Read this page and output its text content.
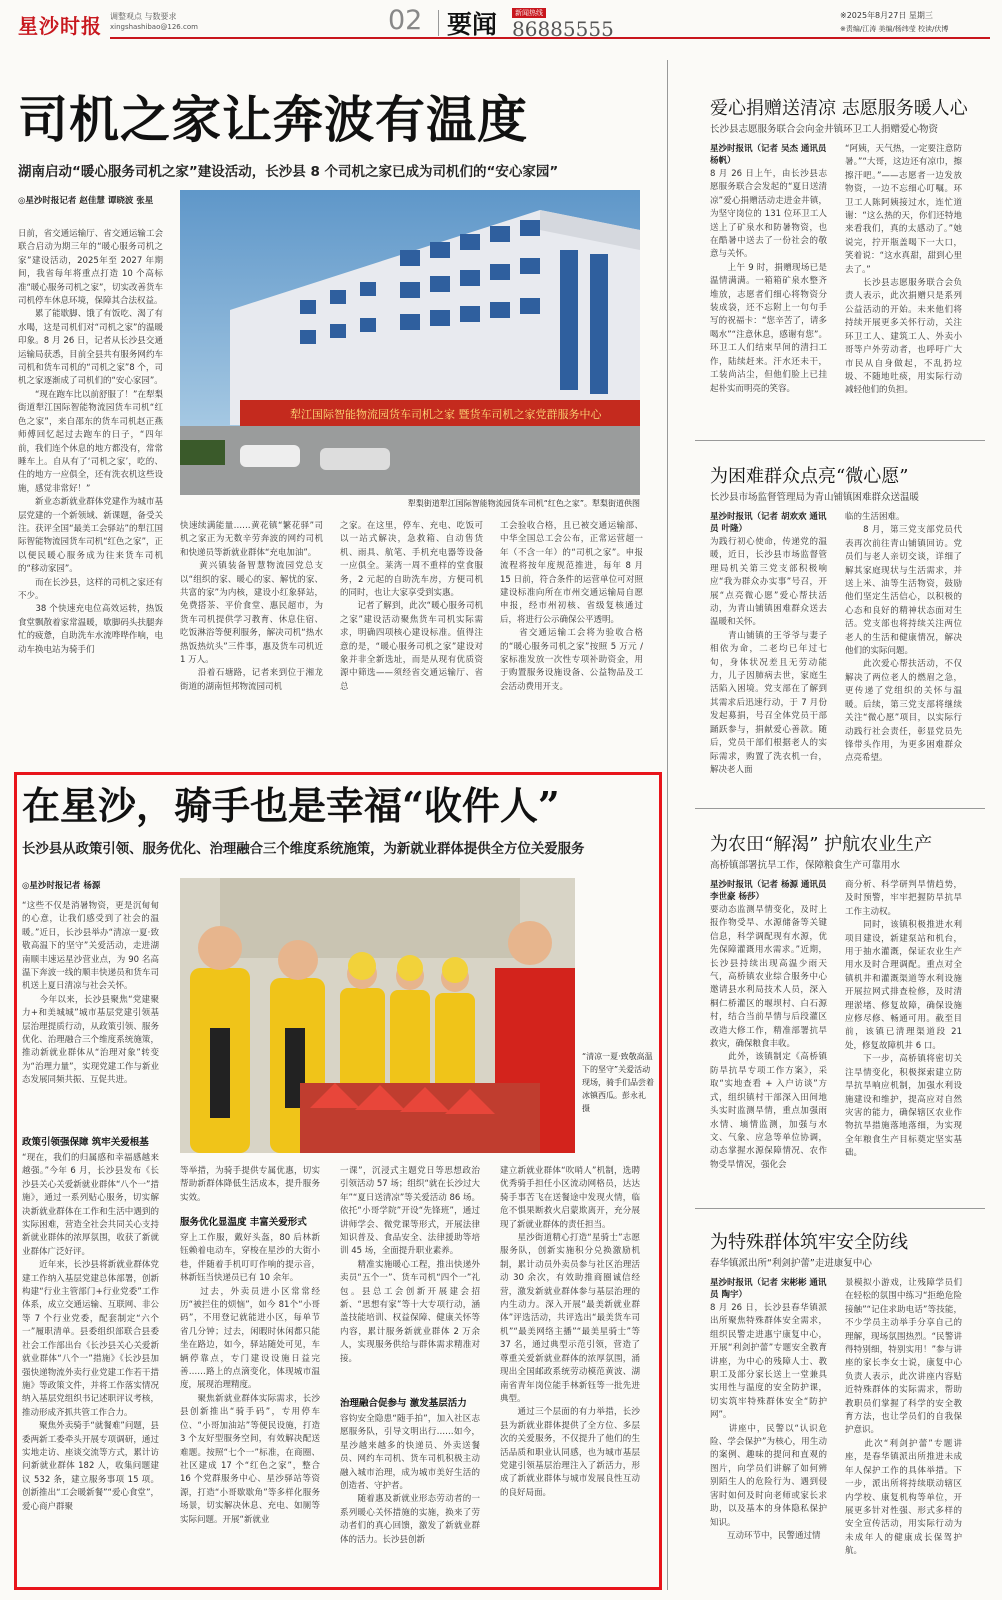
星沙时报 调整观点 与数要求
xingshashibao@126.com	02 要闻	新闻热线
86885555
※2025年8月27日 星期三
※责编/江涛 美编/杨纬莹 校读/伏博
司机之家让奔波有温度
湖南启动“暖心服务司机之家”建设活动，长沙县 8 个司机之家已成为司机们的“安心家园”
◎星沙时报记者 赵佳慧 谭晓波 张星

日前，省交通运输厅、省交通运输工会联合启动为期三年的“暖心服务司机之家”建设活动，2025年至 2027 年期间，我省每年将重点打造 10 个高标准“暖心服务司机之家”，切实改善货车司机停车休息环境，保障其合法权益。
　　累了能歇脚、饿了有饭吃、渴了有水喝，这是司机们对“司机之家”的温暖印象。8 月 26 日，记者从长沙县交通运输局获悉，目前全县共有服务网约车司机和货车司机的“司机之家”8 个，司机之家逐渐成了司机们的“安心家园”。
　　“现在跑车比以前舒服了！”在犁梨街道犁江国际智能物流园货车司机“红色之家”，来自邵东的货车司机赵正燕师傅回忆起过去跑车的日子，“四年前，我们连个休息的地方都没有，常常睡车上。自从有了‘司机之家’，吃的、住的地方一应俱全，还有洗衣机这些设施，感觉非常好！”
　　新业态新就业群体党建作为城市基层党建的一个新领域、新课题，备受关注。获评全国“最美工会驿站”的犁江国际智能物流园货车司机“红色之家”，正以便民暖心服务成为往来货车司机的“移动家园”。
　　而在长沙县，这样的司机之家还有不少。
　　38 个快速充电位高效运转，热饭食堂飘散着家常温暖，歇脚码头扶腿奔忙的疲惫，自助洗车水流哗哗作响，电动车换电站为骑手们

犁江国际智能物流园货车司机之家 暨货车司机之家党群服务中心
犁梨街道犁江国际智能物流园货车司机“红色之家”。犁梨街道供图

快速续满能量……黄花镇“繁花驿”司机之家正为无数辛劳奔波的网约司机和快递员等新就业群体“充电加油”。
　　黄兴镇装备智慧物流园党总支以“组织的家、暖心的家、解忧的家、共富的家”为内核，建设小红象驿站，免费搭茶、平价食堂、惠民超市，为货车司机提供学习教育、休息住宿、吃饭淋浴等便利服务，解决司机“热水热饭热炕头”三件事，惠及货车司机近 1 万人。
　　沿着石塘路，记者来到位于湘龙街道的湖南恒邦物流园司机

之家。在这里，停车、充电、吃饭可以一站式解决，急救箱、自动售货机、雨具、航笔、手机充电器等设备一应俱全。莱湾一周不重样的堂食服务，2 元起的自助洗车房，方便司机的同时，也让大家享受到实惠。
　　记者了解到，此次“暖心服务司机之家”建设活动聚焦货车司机实际需求，明确四项核心建设标准。值得注意的是，“暖心服务司机之家”建设对象并非全新选址，而是从现有优质资源中筛选——须经省交通运输厅、省总

工会验收合格，且已被交通运输部、中华全国总工会公布，正常运营超一年（不含一年）的“司机之家”。申报流程将按年度规范推进，每年 8 月 15 日前，符合条件的运营单位可对照建设标准向所在市州交通运输局自愿申报，经市州初核、省级复核通过后，将进行公示确保公平透明。
　　省交通运输工会将为验收合格的“暖心服务司机之家”按照 5 万元 / 家标准发放一次性专项补助资金，用于购置服务设施设备、公益物品及工会活动费用开支。

在星沙，骑手也是幸福“收件人”
长沙县从政策引领、服务优化、治理融合三个维度系统施策，为新就业群体提供全方位关爱服务
◎星沙时报记者 杨源

“这些不仅是消暑物资，更是沉甸甸的心意，让我们感受到了社会的温暖。”近日，长沙县举办“清凉一夏·致敬高温下的坚守”关爱活动，走进湖南顺丰速运星沙营业点，为 90 名高温下奔波一线的顺丰快递员和货车司机送上夏日清凉与社会关怀。
　　今年以来，长沙县聚焦“党建聚力+和美城城”城市基层党建引领基层治理提质行动，从政策引领、服务优化、治理融合三个维度系统施策，推动新就业群体从“治理对象”转变为“治理力量”，实现党建工作与新业态发展同频共振、互促共进。

政策引领强保障 筑牢关爱根基

“现在，我们的归属感和幸福感越来越强。”今年 6 月，长沙县发布《长沙县关心关爱新就业群体“八个一”措施》，通过一系列贴心服务，切实解决新就业群体在工作和生活中遇到的实际困难，营造全社会共同关心支持新就业群体的浓厚氛围，收获了新就业群体广泛好评。
　　近年来，长沙县将新就业群体党建工作纳入基层党建总体部署，创新构建“行业主管部门+行业党委”工作体系，成立交通运输、互联网、非公等 7 个行业党委，配套制定“六个一”履职清单。县委组织部联合县委社会工作部出台《长沙县关心关爱新就业群体“八个一”措施》《长沙县加强快递物流外卖行业党建工作若干措施》等政策文件，并将工作落实情况纳入基层党组织书记述职评议考核，推动形成齐抓共管工作合力。
　　聚焦外卖骑手“就餐难”问题，县委两新工委牵头开展专项调研，通过实地走访、座谈交流等方式，累计访问新就业群体 182 人，收集问题建议 532 条，建立服务事项 15 项。创新推出“工会暖新餐”“爱心食堂”，爱心商户群聚

“清凉一夏·致敬高温下的坚守”关爱活动现场，骑手们品尝着冰镇西瓜。彭永礼 摄

等举措，为骑手提供专属优惠，切实帮助新群体降低生活成本，提升服务实效。

服务优化显温度 丰富关爱形式

穿上工作服，戴好头盔，80 后林新钰赖着电动车，穿梭在星沙的大街小巷，伴随着手机叮叮作响的提示音，林新钰当快递员已有 10 余年。
　　过去，外卖员进小区常常经历“被拦住的烦恼”，如今 81个“小哥码”，不用登记就能进小区，每单节省几分钟；过去，闲暇时休闲都只能坐在路边，如今，驿站随处可见，车辆停靠点，专门建设设施日益完善……路上的点滴变化，体现城市温度，展现治理精度。
　　聚焦新就业群体实际需求，长沙县创新推出“骑手码”，专用停车位、“小哥加油站”等便民设施，打造 3 个友好型服务空间，有效解决配送难题。按照“七个一”标准，在商圈、社区建成 17 个“红色之家”，整合 16 个党群服务中心、星沙驿站等资源，打造“小哥歇歇角”等多样化服务场景，切实解决休息、充电、如厕等实际问题。开展“新就业

一课”，沉浸式主题党日等思想政治引领活动 57 场；组织“就在长沙过大年”“夏日送清凉”等关爱活动 86 场。依托“小哥学院”开设“先锋班”，通过讲师学会、微党课等形式，开展法律知识普及、食品安全、法律援助等培训 45 场，全面提升职业素养。
　　精准实施暖心工程，推出快递外卖员“五个一”、货车司机“四个一”礼包。县总工会创新开展建会招新、“思想有家”等十大专项行动，涵盖技能培训、权益保障、健康关怀等内容，累计服务新就业群体 2 万余人，实现服务供给与群体需求精准对接。

治理融合促参与 激发基层活力

容钧安全隐患“随手拍”，加入社区志愿服务队，引导文明出行……如今，星沙越来越多的快递员、外卖送餐员、网约车司机、货车司机积极主动融入城市治理，成为城市美好生活的创造者、守护者。
　　随着惠及新就业形态劳动者的一系列暖心关怀措施的实施，换来了劳动者们的真心回馈，激发了新就业群体的活力。长沙县创新

建立新就业群体“吹哨人”机制，选聘优秀骑手担任小区流动网格员，达达骑手事苦飞在送餐途中发现火情，临危不惧果断救火启蒙欺离开，充分展现了新就业群体的责任担当。
　　星沙街道精心打造“星骑士”志愿服务队，创新实施积分兑换激励机制，累计动员外卖员参与社区治理活动 30 余次，有效助推商圈诚信经营，激发新就业群体参与基层治理的内生动力。深入开展“最美新就业群体”评选活动，共评选出“最美货车司机”“最美网络主播”“最美星骑士”等 37 名，通过典型示范引领，营造了尊重关爱新就业群体的浓厚氛围，涌现出全国邮政系统劳动模范黄波、湖南省青年岗位能手林新钰等一批先进典型。
　　通过三个层面的有力举措，长沙县为新就业群体提供了全方位、多层次的关爱服务，不仅提升了他们的生活品质和职业认同感，也为城市基层党建引领基层治理注入了新活力，形成了新就业群体与城市发展良性互动的良好局面。

爱心捐赠送清凉 志愿服务暖人心
长沙县志愿服务联合会向金井镇环卫工人捐赠爱心物资
星沙时报讯（记者 吴杰 通讯员 杨帆）

8 月 26 日上午，由长沙县志愿服务联合会发起的“夏日送清凉”爱心捐赠活动走进金井镇，为坚守岗位的 131 位环卫工人送上了矿泉水和防暑物资，也在酷暑中送去了一份社会的敬意与关怀。
　　上午 9 时，捐赠现场已是温情满满。一箱箱矿泉水整齐堆放，志愿者们细心将物资分装成袋，还不忘附上一句句手写的祝福卡：“您辛苦了，请多喝水”“注意休息，感谢有您”。环卫工人们结束早间的清扫工作，陆续赶来。汗水还未干，工装尚沾尘，但他们脸上已挂起朴实而明亮的笑容。

“阿姨，天气热，一定要注意防暑。”“大哥，这边还有凉巾，擦擦汗吧。”——志愿者一边发放物资，一边不忘细心叮嘱。环卫工人陈阿姨接过水，连忙道谢：“这么热的天，你们还特地来看我们，真的太感动了。”她说完，拧开瓶盖喝下一大口，笑着说：“这水真甜，甜到心里去了。”
　　长沙县志愿服务联合会负责人表示，此次捐赠只是系列公益活动的开始。未来他们将持续开展更多关怀行动，关注环卫工人、建筑工人、外卖小哥等户外劳动者，也呼吁广大市民从自身做起，不乱扔垃圾、不随地吐痰，用实际行动减轻他们的负担。

为困难群众点亮“微心愿”
长沙县市场监督管理局为青山铺镇困难群众送温暖
星沙时报讯（记者 胡欢欢 通讯员 叶隆）

为践行初心使命，传递党的温暖，近日，长沙县市场监督管理局机关第三党支部积极响应“我为群众办实事”号召，开展“点亮微心愿”爱心帮扶活动，为青山铺镇困难群众送去温暖和关怀。
　　青山铺镇的王爷爷与妻子相依为命，二老均已年过七旬，身体状况差且无劳动能力，儿子因肺病去世，家庭生活陷入困境。党支部在了解到其需求后迅速行动，于 7 月份发起募捐，号召全体党员干部踊跃参与，捐献爱心善款。随后，党员干部们根据老人的实际需求，购置了洗衣机一台，解决老人面

临的生活困难。
　　8 月，第三党支部党员代表再次前往青山铺镇回访。党员们与老人亲切交谈，详细了解其家庭现状与生活需求，并送上米、油等生活物资，鼓励他们坚定生活信心，以积极的心态和良好的精神状态面对生活。党支部也将持续关注两位老人的生活和健康情况，解决他们的实际问题。
　　此次爱心帮扶活动，不仅解决了两位老人的燃眉之急，更传递了党组织的关怀与温暖。后续，第三党支部将继续关注“微心愿”项目，以实际行动践行社会责任，彰显党员先锋带头作用，为更多困难群众点亮希望。

为农田“解渴” 护航农业生产
高桥镇部署抗旱工作，保障粮食生产可靠用水
星沙时报讯（记者 杨源 通讯员 李世豪 杨莎）

要动态监测旱情变化，及时上报作物受旱、水源储备等关键信息，科学调配现有水源，优先保障灌溉用水需求。”近期，长沙县持续出现高温少雨天气，高桥镇农业综合服务中心邀请县水利局技术人员，深入桐仁桥灌区的堰坝村、白石源村，结合当前旱情与后段灌区改造大修工作，精准部署抗旱救灾，确保粮食丰收。
　　此外，该镇制定《高桥镇防旱抗旱专项工作方案》，采取“实地查看 + 入户访谈”方式，组织镇村干部深入田间地头实时监测旱情，重点加强雨水情、墒情监测，加强与水文、气象、应急等单位协调，动态掌握水源保障情况、农作物受旱情况，强化会

商分析、科学研判旱情趋势，及时预警，牢牢把握防旱抗旱工作主动权。
　　同时，该镇积极推进水利项目建设，新建泵站和机台，用于抽水灌溉，保证农业生产用水及时合理调配。重点对全镇机井和灌溉渠道等水利设施开展拉网式排查检修，及时清理淤堵、修复故障，确保设施应修尽修、畅通可用。截至目前，该镇已清理渠道段 21 处，修复故障机井 6 口。
　　下一步，高桥镇将密切关注旱情变化，积极探索建立防旱抗旱响应机制，加强水利设施建设和维护，提高应对自然灾害的能力，确保辖区农业作物抗旱措施落地落细，为实现全年粮食生产目标奠定坚实基础。

为特殊群体筑牢安全防线
春华镇派出所“利剑护蕾”走进康复中心
星沙时报讯（记者 宋彬彬 通讯员 陶宇）

8 月 26 日，长沙县春华镇派出所聚焦特殊群体安全需求，组织民警走进惠宁康复中心，开展“利剑护蕾”专题安全教育讲座，为中心的残障人士、教职工及部分家长送上一堂兼具实用性与温度的安全防护课，切实筑牢特殊群体安全“防护网”。
　　讲座中，民警以“认识危险、学会保护”为核心，用生动的案例、趣味的提问和直观的图片，向学员们讲解了如何辨别陌生人的危险行为、遇到侵害时如何及时向老师或家长求助，以及基本的身体隐私保护知识。
　　互动环节中，民警通过情

景模拟小游戏，让残障学员们在轻松的氛围中练习“拒绝危险接触”“记住求助电话”等技能，不少学员主动举手分享自己的理解，现场氛围热烈。“民警讲得特别细，特别实用！”参与讲座的家长李女士说，康复中心负责人表示，此次讲座内容贴近特殊群体的实际需求，帮助教职员们掌握了科学的安全教育方法，也让学员们的自我保护意识。
　　此次“利剑护蕾”专题讲座，是春华镇派出所推进未成年人保护工作的具体举措。下一步，派出所将持续联动辖区内学校、康复机构等单位，开展更多针对性强、形式多样的安全宣传活动，用实际行动为未成年人的健康成长保驾护航。
